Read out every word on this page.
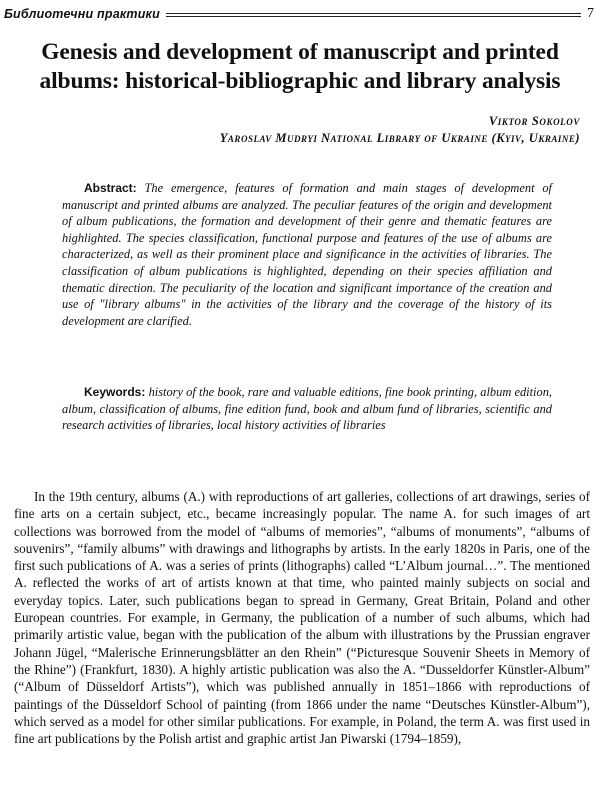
Библиотечни практики	7
Genesis and development of manuscript and printed albums: historical-bibliographic and library analysis
Viktor Sokolov
Yaroslav Mudryi National Library of Ukraine (Kyiv, Ukraine)

Abstract: The emergence, features of formation and main stages of development of manuscript and printed albums are analyzed. The peculiar features of the origin and development of album publications, the formation and development of their genre and thematic features are highlighted. The species classification, functional purpose and features of the use of albums are characterized, as well as their prominent place and significance in the activities of libraries. The classification of album publications is highlighted, depending on their species affiliation and thematic direction. The peculiarity of the location and significant importance of the creation and use of "library albums" in the activities of the library and the coverage of the history of its development are clarified.

Keywords: history of the book, rare and valuable editions, fine book printing, album edition, album, classification of albums, fine edition fund, book and album fund of libraries, scientific and research activities of libraries, local history activities of libraries

In the 19th century, albums (A.) with reproductions of art galleries, collections of art drawings, series of fine arts on a certain subject, etc., became increasingly popular. The name A. for such images of art collections was borrowed from the model of “albums of memories”, “albums of monuments”, “albums of souvenirs”, “family albums” with drawings and lithographs by artists. In the early 1820s in Paris, one of the first such publications of A. was a series of prints (lithographs) called “L’Album journal…”. The mentioned A. reflected the works of art of artists known at that time, who painted mainly subjects on social and everyday topics. Later, such publications began to spread in Germany, Great Britain, Poland and other European countries. For example, in Germany, the publication of a number of such albums, which had primarily artistic value, began with the publication of the album with illustrations by the Prussian engraver Johann Jügel, “Malerische Erinnerungsblätter an den Rhein” (“Picturesque Souvenir Sheets in Memory of the Rhine”) (Frankfurt, 1830). A highly artistic publication was also the A. “Dusseldorfer Künstler-Album” (“Album of Düsseldorf Artists”), which was published annually in 1851–1866 with reproductions of paintings of the Düsseldorf School of painting (from 1866 under the name “Deutsches Künstler-Album”), which served as a model for other similar publications. For example, in Poland, the term A. was first used in fine art publications by the Polish artist and graphic artist Jan Piwarski (1794–1859),
